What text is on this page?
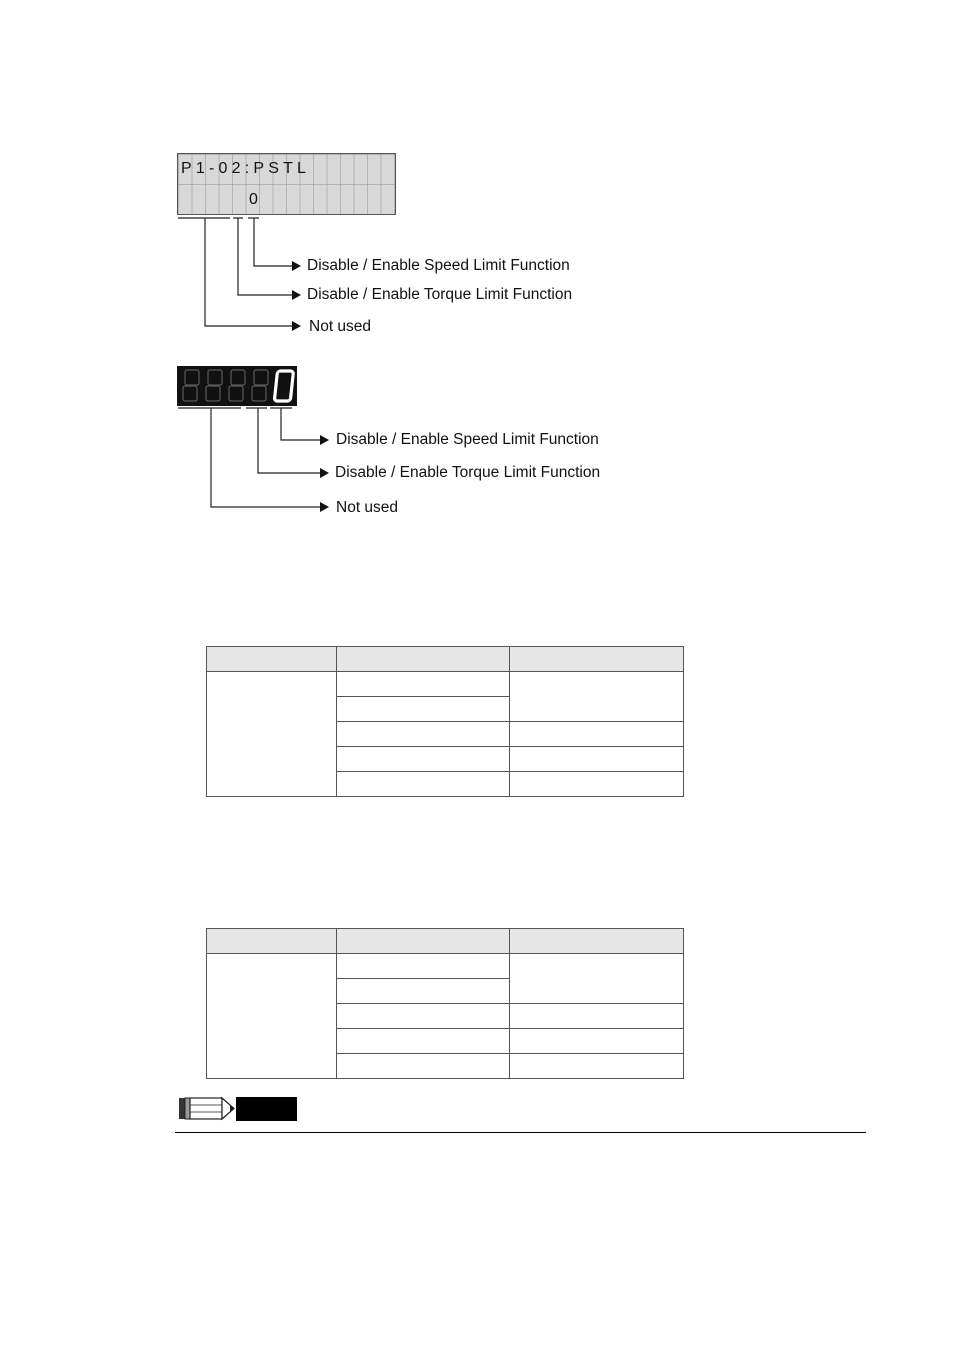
P1-02:PSTL
0
Disable / Enable Speed Limit Function
Disable / Enable Torque Limit Function
Not used
Disable / Enable Speed Limit Function
Disable / Enable Torque Limit Function
Not used
